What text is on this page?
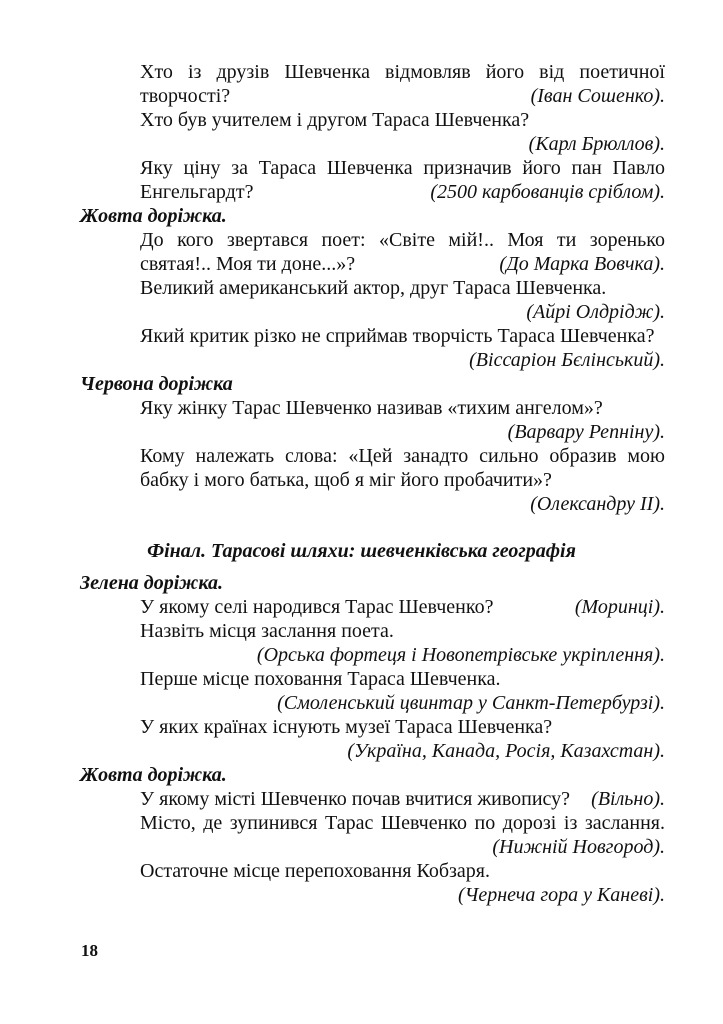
Хто із друзів Шевченка відмовляв його від поетичної
творчості?	(Іван Сошенко).
Хто був учителем і другом Тараса Шевченка?
(Карл Брюллов).
Яку ціну за Тараса Шевченка призначив його пан Павло
Енгельгардт?	(2500 карбованців сріблом).
Жовта доріжка.
До кого звертався поет: «Світе мій!.. Моя ти зоренько
святая!.. Моя ти доне...»?	(До Марка Вовчка).
Великий американський актор, друг Тараса Шевченка.
(Айрі Олдрідж).
Який критик різко не сприймав творчість Тараса Шевченка?
(Віссаріон Бєлінський).
Червона доріжка
Яку жінку Тарас Шевченко називав «тихим ангелом»?
(Варвару Репніну).
Кому належать слова: «Цей занадто сильно образив мою
бабку і мого батька, щоб я міг його пробачити»?
(Олександру II).
Фінал. Тарасові шляхи: шевченківська географія
Зелена доріжка.
У якому селі народився Тарас Шевченко?	(Моринці).
Назвіть місця заслання поета.
(Орська фортеця і Новопетрівське укріплення).
Перше місце поховання Тараса Шевченка.
(Смоленський цвинтар у Санкт-Петербурзі).
У яких країнах існують музеї Тараса Шевченка?
(Україна, Канада, Росія, Казахстан).
Жовта доріжка.
У якому місті Шевченко почав вчитися живопису? (Вільно).
Місто, де зупинився Тарас Шевченко по дорозі із заслання.
(Нижній Новгород).
Остаточне місце перепоховання Кобзаря.
(Чернеча гора у Каневі).
18
